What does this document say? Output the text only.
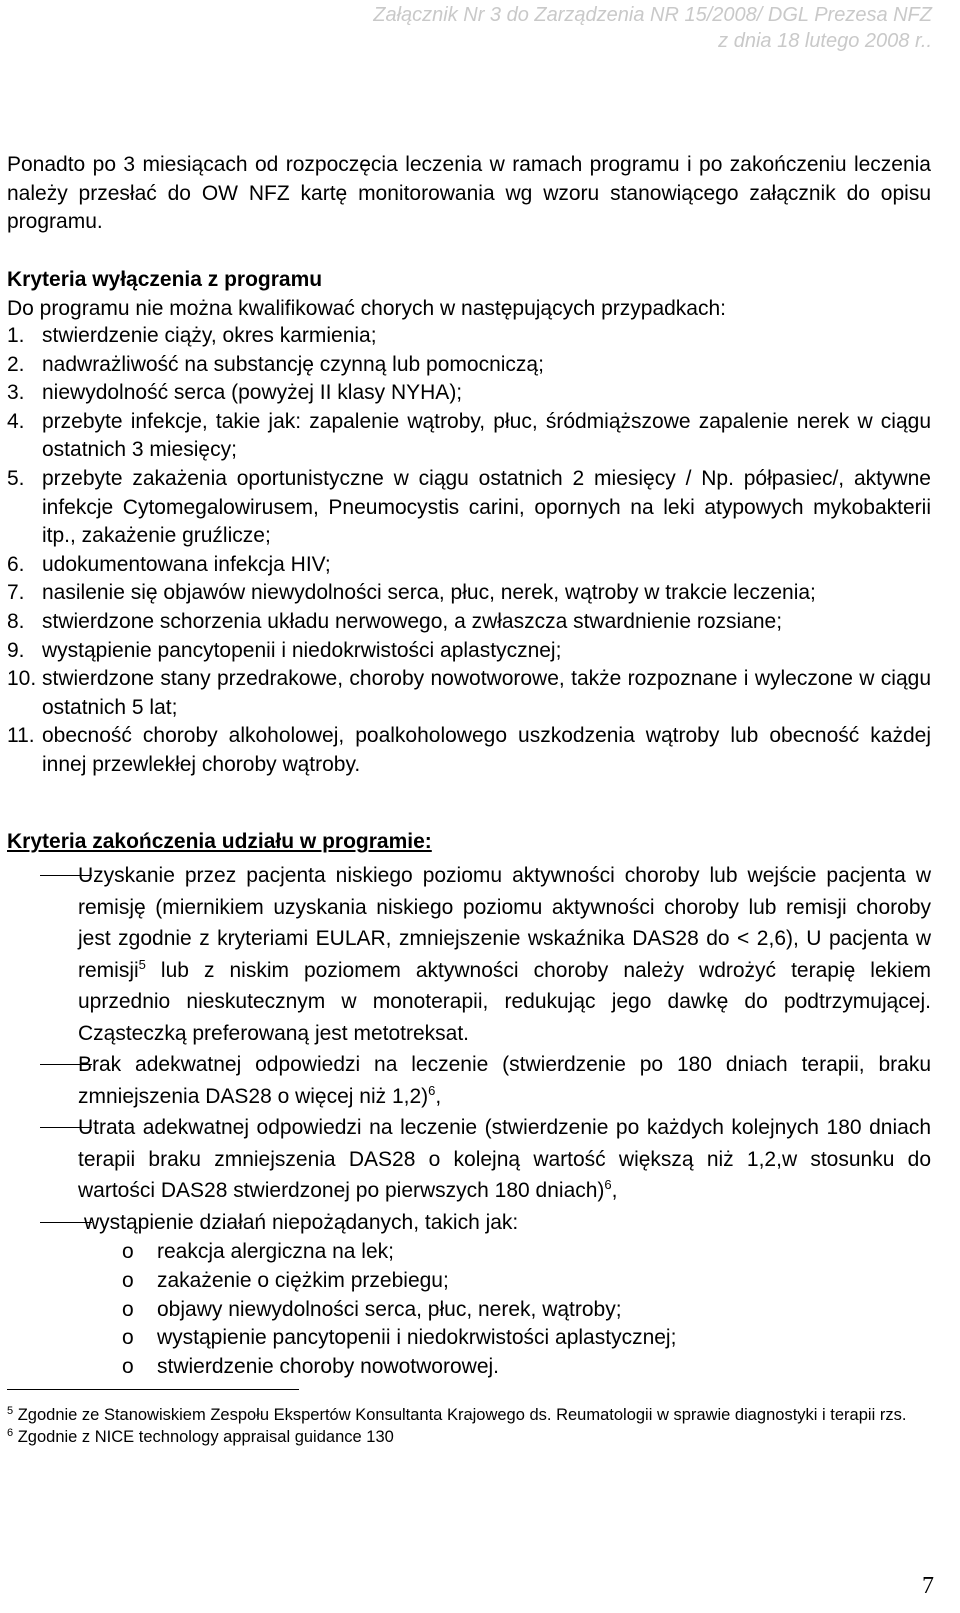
Załącznik Nr 3 do Zarządzenia NR 15/2008/ DGL Prezesa NFZ
z dnia 18 lutego 2008 r..

Ponadto po 3 miesiącach od rozpoczęcia leczenia w ramach programu i po zakończeniu leczenia należy przesłać do OW NFZ kartę monitorowania wg wzoru stanowiącego załącznik do opisu programu.

Kryteria wyłączenia z programu
Do programu nie można kwalifikować chorych w następujących przypadkach:
1. stwierdzenie ciąży, okres karmienia;
2. nadwrażliwość na substancję czynną lub pomocniczą;
3. niewydolność serca (powyżej II klasy NYHA);
4. przebyte infekcje, takie jak: zapalenie wątroby, płuc, śródmiąższowe zapalenie nerek w ciągu ostatnich 3 miesięcy;
5. przebyte zakażenia oportunistyczne w ciągu ostatnich 2 miesięcy / Np. półpasiec/, aktywne infekcje Cytomegalowirusem, Pneumocystis carini, opornych na leki atypowych mykobakterii itp., zakażenie gruźlicze;
6. udokumentowana infekcja HIV;
7. nasilenie się objawów niewydolności serca, płuc, nerek, wątroby w trakcie leczenia;
8. stwierdzone schorzenia układu nerwowego, a zwłaszcza stwardnienie rozsiane;
9. wystąpienie pancytopenii i niedokrwistości aplastycznej;
10. stwierdzone stany przedrakowe, choroby nowotworowe, także rozpoznane i wyleczone w ciągu ostatnich 5 lat;
11. obecność choroby alkoholowej, poalkoholowego uszkodzenia wątroby lub obecność każdej innej przewlekłej choroby wątroby.
Kryteria zakończenia udziału w programie:
Uzyskanie przez pacjenta niskiego poziomu aktywności choroby lub wejście pacjenta w remisję (miernikiem uzyskania niskiego poziomu aktywności choroby lub remisji choroby jest zgodnie z kryteriami EULAR, zmniejszenie wskaźnika DAS28 do < 2,6), U pacjenta w remisji$^5$ lub z niskim poziomem aktywności choroby należy wdrożyć terapię lekiem uprzednio nieskutecznym w monoterapii, redukując jego dawkę do podtrzymującej. Cząsteczką preferowaną jest metotreksat.
Brak adekwatnej odpowiedzi na leczenie (stwierdzenie po 180 dniach terapii, braku zmniejszenia DAS28 o więcej niż 1,2)$^6$,
Utrata adekwatnej odpowiedzi na leczenie (stwierdzenie po każdych kolejnych 180 dniach terapii braku zmniejszenia DAS28 o kolejną wartość większą niż 1,2,w stosunku do wartości DAS28 stwierdzonej po pierwszych 180 dniach)$^6$,
wystąpienie działań niepożądanych, takich jak:
o reakcja alergiczna na lek;
o zakażenie o ciężkim przebiegu;
o objawy niewydolności serca, płuc, nerek, wątroby;
o wystąpienie pancytopenii i niedokrwistości aplastycznej;
o stwierdzenie choroby nowotworowej.
$^5$ Zgodnie ze Stanowiskiem Zespołu Ekspertów Konsultanta Krajowego ds. Reumatologii w sprawie diagnostyki i terapii rzs.
$^6$ Zgodnie z NICE technology appraisal guidance 130
7
